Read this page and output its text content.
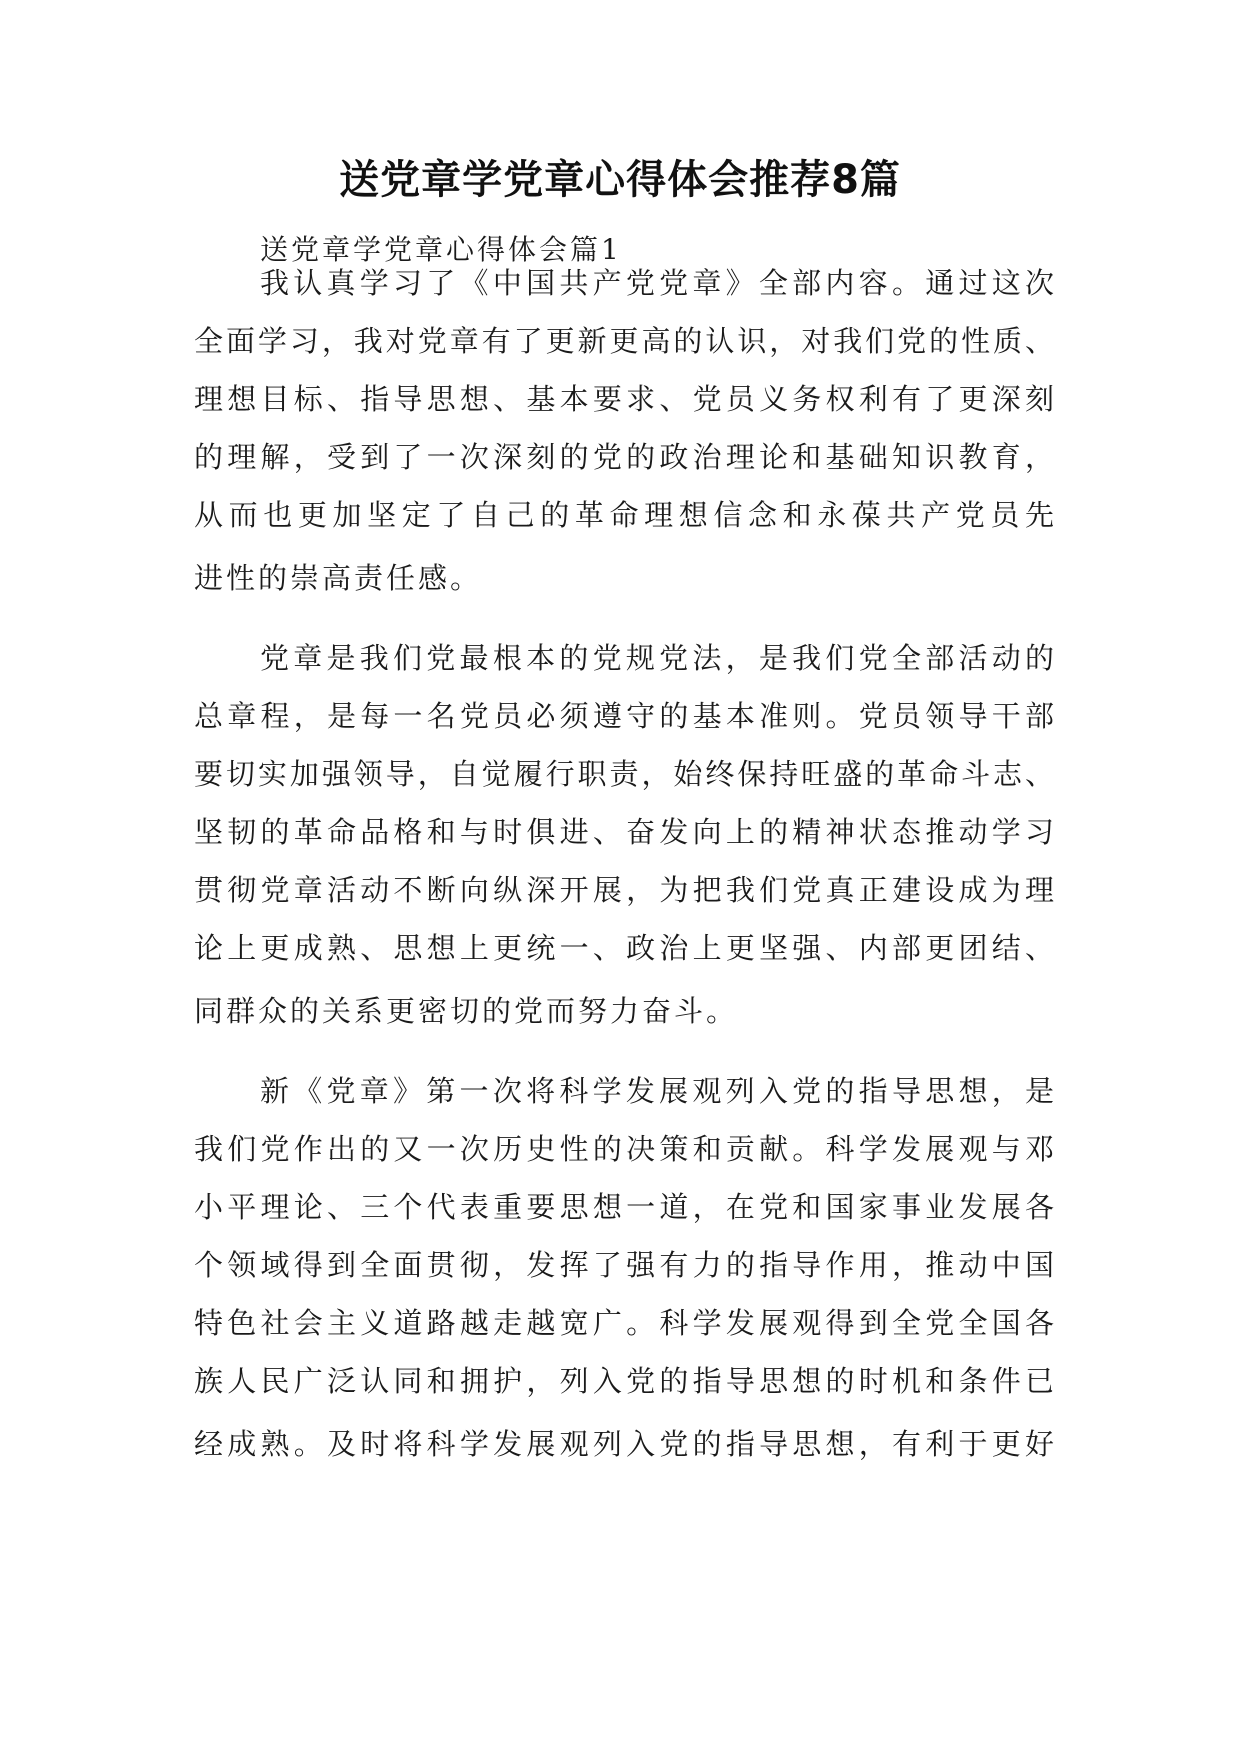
送党章学党章心得体会推荐8篇
送党章学党章心得体会篇1
我认真学习了《中国共产党党章》全部内容。通过这次
全面学习，我对党章有了更新更高的认识，对我们党的性质、
理想目标、指导思想、基本要求、党员义务权利有了更深刻
的理解，受到了一次深刻的党的政治理论和基础知识教育，
从而也更加坚定了自己的革命理想信念和永葆共产党员先
进性的崇高责任感。
党章是我们党最根本的党规党法，是我们党全部活动的
总章程，是每一名党员必须遵守的基本准则。党员领导干部
要切实加强领导，自觉履行职责，始终保持旺盛的革命斗志、
坚韧的革命品格和与时俱进、奋发向上的精神状态推动学习
贯彻党章活动不断向纵深开展，为把我们党真正建设成为理
论上更成熟、思想上更统一、政治上更坚强、内部更团结、
同群众的关系更密切的党而努力奋斗。
新《党章》第一次将科学发展观列入党的指导思想，是
我们党作出的又一次历史性的决策和贡献。科学发展观与邓
小平理论、三个代表重要思想一道，在党和国家事业发展各
个领域得到全面贯彻，发挥了强有力的指导作用，推动中国
特色社会主义道路越走越宽广。科学发展观得到全党全国各
族人民广泛认同和拥护，列入党的指导思想的时机和条件已
经成熟。及时将科学发展观列入党的指导思想，有利于更好
